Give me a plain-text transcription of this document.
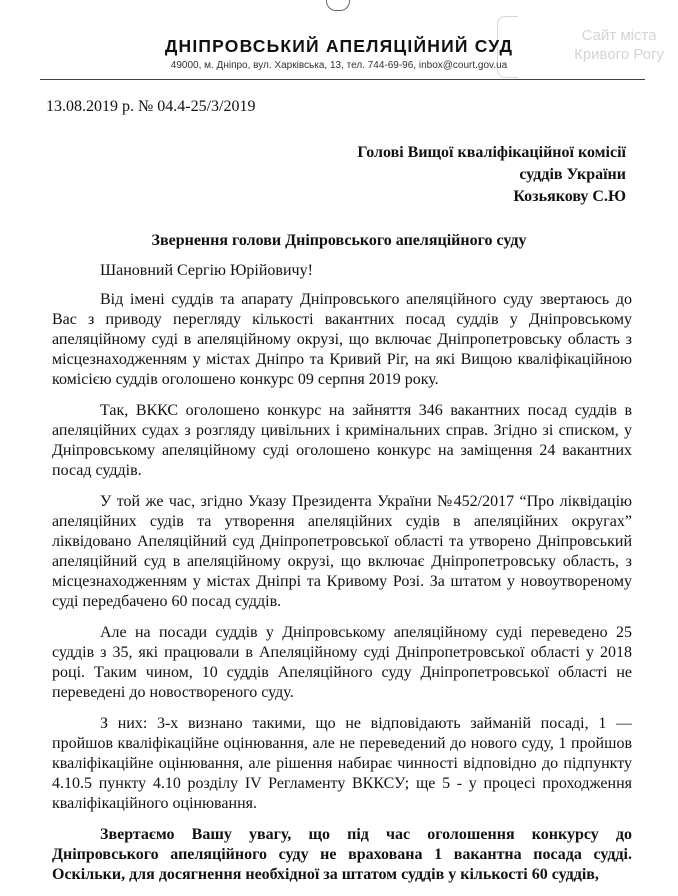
Сайт міста
Кривого Рогу
ДНІПРОВСЬКИЙ АПЕЛЯЦІЙНИЙ СУД
49000, м. Дніпро, вул. Харківська, 13, тел. 744-69-96, inbox@court.gov.ua
13.08.2019 р. № 04.4-25/3/2019
Голові Вищої кваліфікаційної комісії
суддів України
Козьякову С.Ю
Звернення голови Дніпровського апеляційного суду
Шановний Сергію Юрійовичу!

Від імені суддів та апарату Дніпровського апеляційного суду звертаюсь до Вас з приводу перегляду кількості вакантних посад суддів у Дніпровському апеляційному суді в апеляційному окрузі, що включає Дніпропетровську область з місцезнаходженням у містах Дніпро та Кривий Ріг, на які Вищою кваліфікаційною комісією суддів оголошено конкурс 09 серпня 2019 року.

Так, ВККС оголошено конкурс на зайняття 346 вакантних посад суддів в апеляційних судах з розгляду цивільних і кримінальних справ. Згідно зі списком, у Дніпровському апеляційному суді оголошено конкурс на заміщення 24 вакантних посад суддів.

У той же час, згідно Указу Президента України №452/2017 “Про ліквідацію апеляційних судів та утворення апеляційних судів в апеляційних округах” ліквідовано Апеляційний суд Дніпропетровської області та утворено Дніпровський апеляційний суд в апеляційному окрузі, що включає Дніпропетровську область, з місцезнаходженням у містах Дніпрі та Кривому Розі. За штатом у новоутвореному суді передбачено 60 посад суддів.

Але на посади суддів у Дніпровському апеляційному суді переведено 25 суддів з 35, які працювали в Апеляційному суді Дніпропетровської області у 2018 році. Таким чином, 10 суддів Апеляційного суду Дніпропетровської області не переведені до новоствореного суду.

З них: 3-х визнано такими, що не відповідають займаній посаді, 1 — пройшов кваліфікаційне оцінювання, але не переведений до нового суду, 1 пройшов кваліфікаційне оцінювання, але рішення набирає чинності відповідно до підпункту 4.10.5 пункту 4.10 розділу IV Регламенту ВККСУ; ще 5 - у процесі проходження кваліфікаційного оцінювання.

Звертаємо Вашу увагу, що під час оголошення конкурсу до Дніпровського апеляційного суду не врахована 1 вакантна посада судді. Оскільки, для досягнення необхідної за штатом суддів у кількості 60 суддів,
